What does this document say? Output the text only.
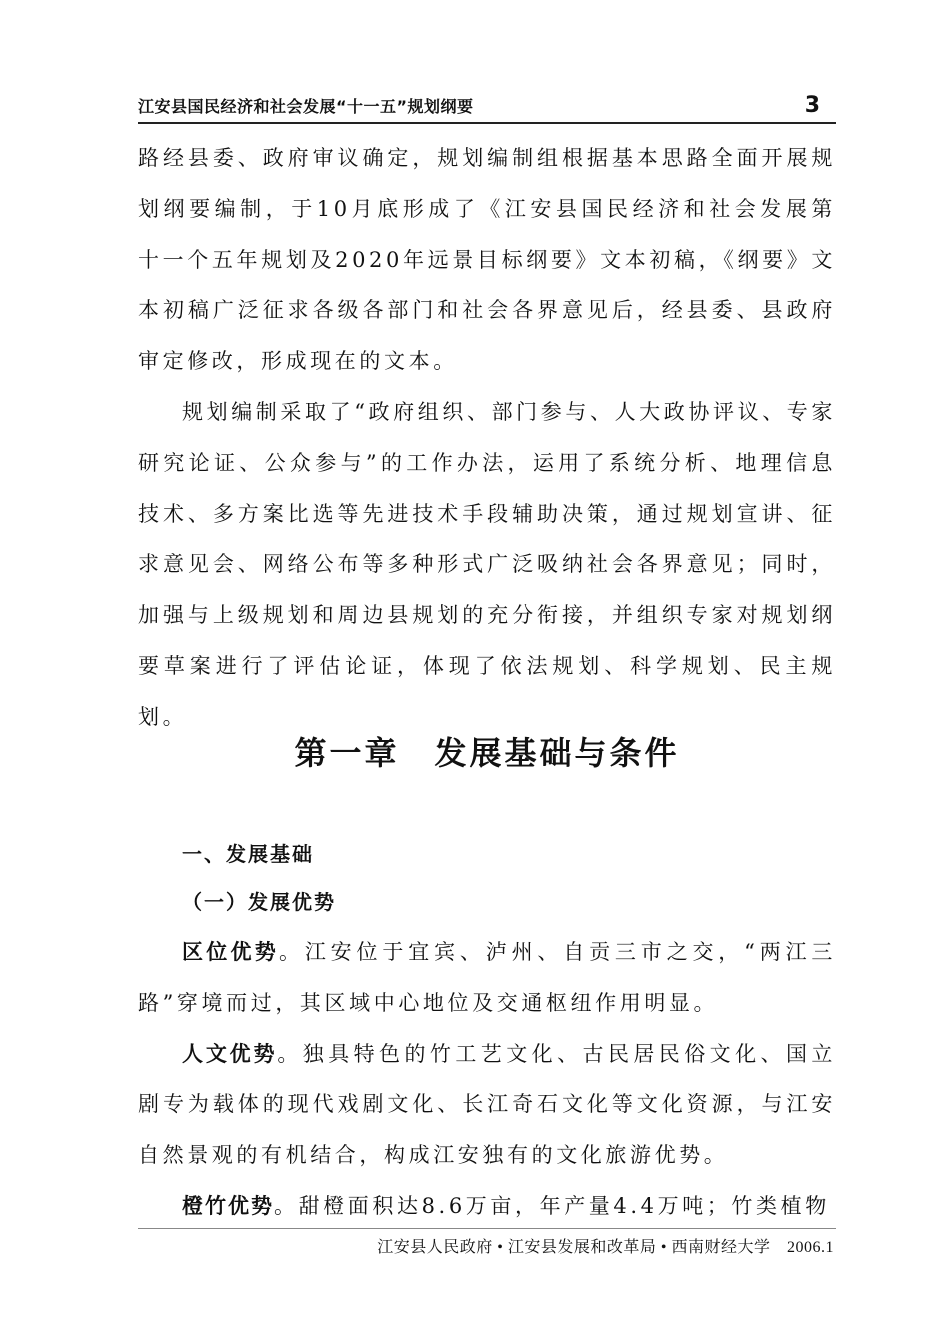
江安县国民经济和社会发展“十一五”规划纲要	3

路经县委、政府审议确定，规划编制组根据基本思路全面开展规划纲要编制，于10月底形成了《江安县国民经济和社会发展第十一个五年规划及2020年远景目标纲要》文本初稿，《纲要》文本初稿广泛征求各级各部门和社会各界意见后，经县委、县政府审定修改，形成现在的文本。

规划编制采取了“政府组织、部门参与、人大政协评议、专家研究论证、公众参与”的工作办法，运用了系统分析、地理信息技术、多方案比选等先进技术手段辅助决策，通过规划宣讲、征求意见会、网络公布等多种形式广泛吸纳社会各界意见；同时，加强与上级规划和周边县规划的充分衔接，并组织专家对规划纲要草案进行了评估论证，体现了依法规划、科学规划、民主规划。

第一章　发展基础与条件
一、发展基础
（一）发展优势

区位优势。江安位于宜宾、泸州、自贡三市之交，“两江三路”穿境而过，其区域中心地位及交通枢纽作用明显。

人文优势。独具特色的竹工艺文化、古民居民俗文化、国立剧专为载体的现代戏剧文化、长江奇石文化等文化资源，与江安自然景观的有机结合，构成江安独有的文化旅游优势。

橙竹优势。甜橙面积达8.6万亩，年产量4.4万吨；竹类植物

江安县人民政府 • 江安县发展和改革局 • 西南财经大学　2006.1
